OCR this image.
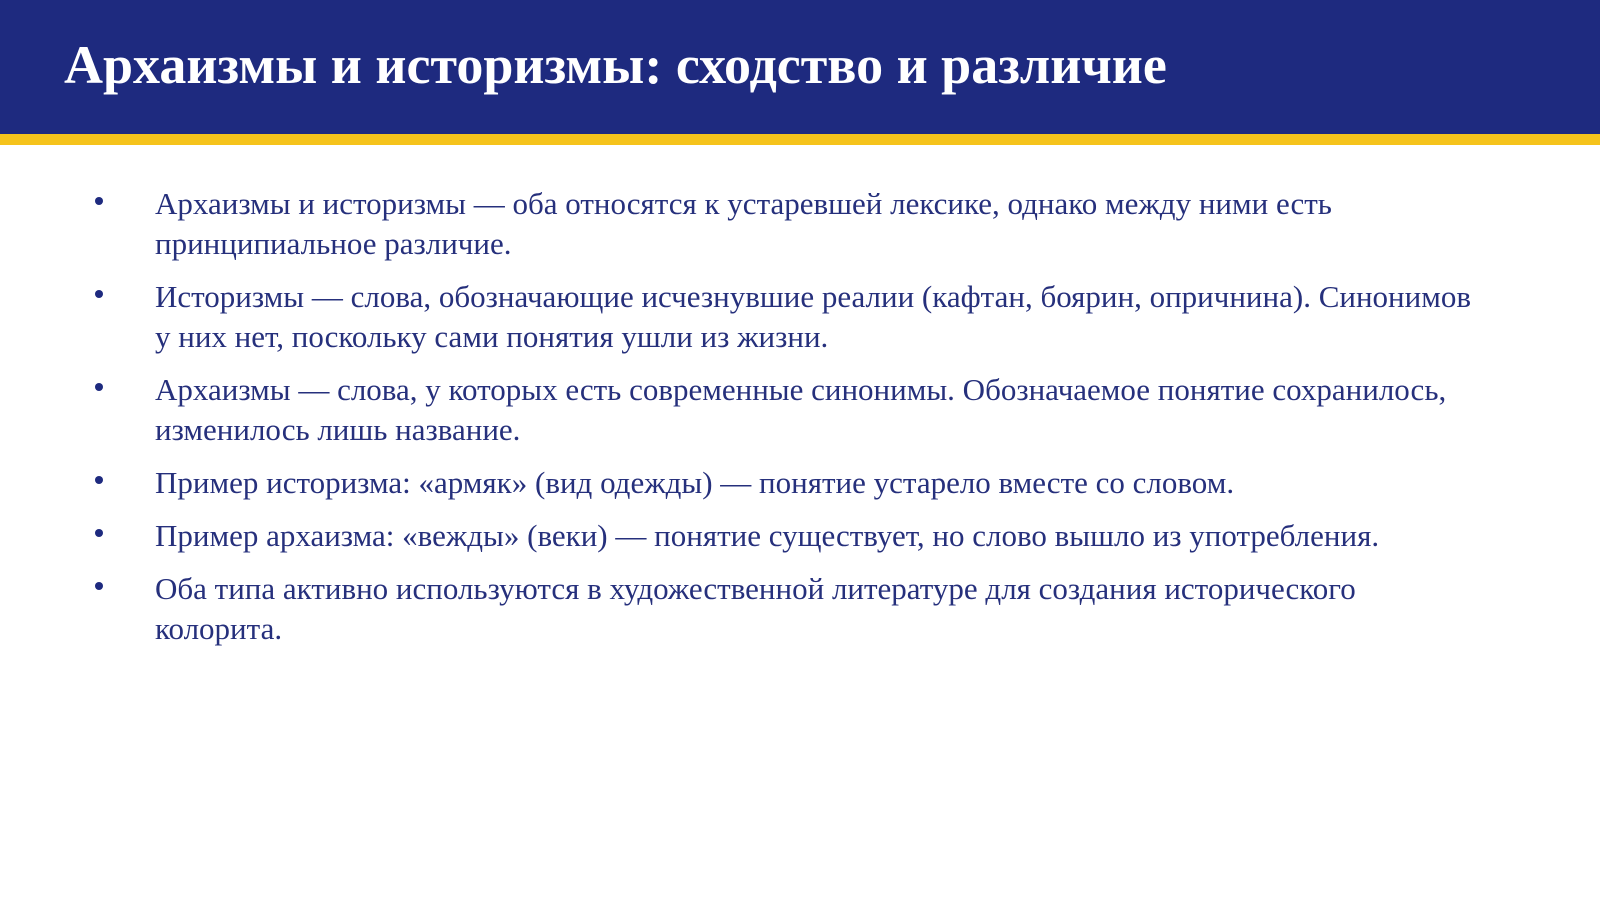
Архаизмы и историзмы: сходство и различие
Архаизмы и историзмы — оба относятся к устаревшей лексике, однако между ними есть принципиальное различие.
Историзмы — слова, обозначающие исчезнувшие реалии (кафтан, боярин, опричнина). Синонимов у них нет, поскольку сами понятия ушли из жизни.
Архаизмы — слова, у которых есть современные синонимы. Обозначаемое понятие сохранилось, изменилось лишь название.
Пример историзма: «армяк» (вид одежды) — понятие устарело вместе со словом.
Пример архаизма: «вежды» (веки) — понятие существует, но слово вышло из употребления.
Оба типа активно используются в художественной литературе для создания исторического колорита.
